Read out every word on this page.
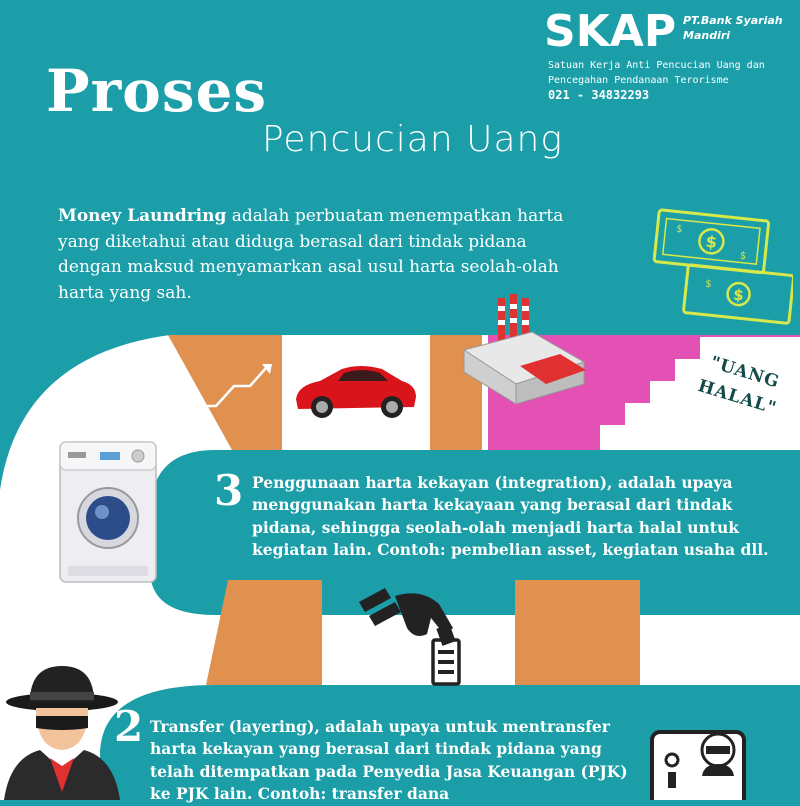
Proses
Pencucian Uang
SKAP PT.Bank Syariah Mandiri
Satuan Kerja Anti Pencucian Uang dan Pencegahan Pendanaan Terorisme
021 - 34832293
Money Laundring adalah perbuatan menempatkan harta yang diketahui atau diduga berasal dari tindak pidana dengan maksud menyamarkan asal usul harta seolah-olah harta yang sah.
$
$
$
$
$
"UANG HALAL"
3 Penggunaan harta kekayan (integration), adalah upaya menggunakan harta kekayaan yang berasal dari tindak pidana, sehingga seolah-olah menjadi harta halal untuk kegiatan lain. Contoh: pembelian asset, kegiatan usaha dll.
2 Transfer (layering), adalah upaya untuk mentransfer harta kekayan yang berasal dari tindak pidana yang telah ditempatkan pada Penyedia Jasa Keuangan (PJK) ke PJK lain. Contoh: transfer dana
